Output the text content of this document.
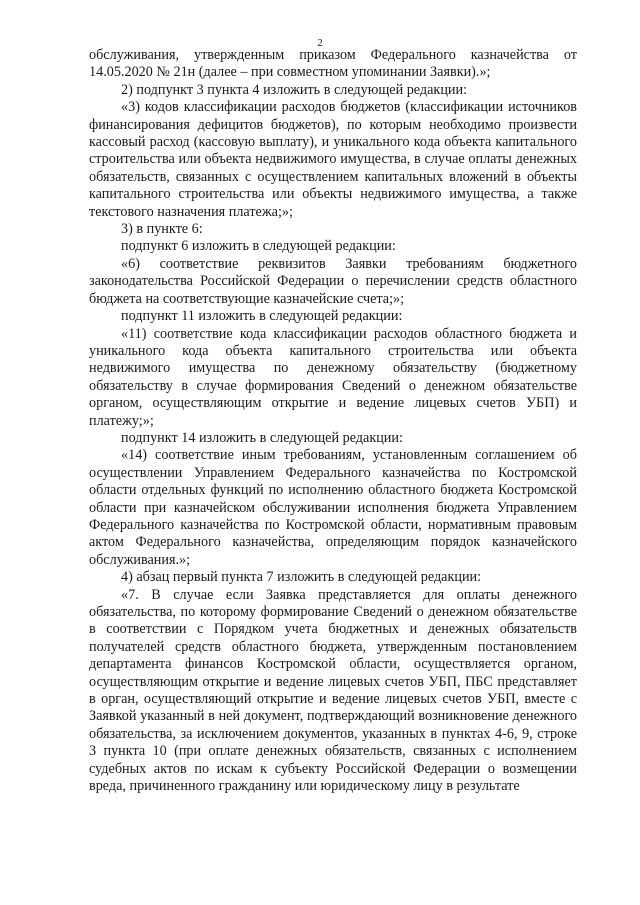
2

обслуживания, утвержденным приказом Федерального казначейства от 14.05.2020 № 21н (далее – при совместном упоминании Заявки).»;

2) подпункт 3 пункта 4 изложить в следующей редакции:

«3) кодов классификации расходов бюджетов (классификации источников финансирования дефицитов бюджетов), по которым необходимо произвести кассовый расход (кассовую выплату), и уникального кода объекта капитального строительства или объекта недвижимого имущества, в случае оплаты денежных обязательств, связанных с осуществлением капитальных вложений в объекты капитального строительства или объекты недвижимого имущества, а также текстового назначения платежа;»;

3) в пункте 6:

подпункт 6 изложить в следующей редакции:

«6) соответствие реквизитов Заявки требованиям бюджетного законодательства Российской Федерации о перечислении средств областного бюджета на соответствующие казначейские счета;»;

подпункт 11 изложить в следующей редакции:

«11) соответствие кода классификации расходов областного бюджета и уникального кода объекта капитального строительства или объекта недвижимого имущества по денежному обязательству (бюджетному обязательству в случае формирования Сведений о денежном обязательстве органом, осуществляющим открытие и ведение лицевых счетов УБП) и платежу;»;

подпункт 14 изложить в следующей редакции:

«14) соответствие иным требованиям, установленным соглашением об осуществлении Управлением Федерального казначейства по Костромской области отдельных функций по исполнению областного бюджета Костромской области при казначейском обслуживании исполнения бюджета Управлением Федерального казначейства по Костромской области, нормативным правовым актом Федерального казначейства, определяющим порядок казначейского обслуживания.»;

4) абзац первый пункта 7 изложить в следующей редакции:

«7. В случае если Заявка представляется для оплаты денежного обязательства, по которому формирование Сведений о денежном обязательстве в соответствии с Порядком учета бюджетных и денежных обязательств получателей средств областного бюджета, утвержденным постановлением департамента финансов Костромской области, осуществляется органом, осуществляющим открытие и ведение лицевых счетов УБП, ПБС представляет в орган, осуществляющий открытие и ведение лицевых счетов УБП, вместе с Заявкой указанный в ней документ, подтверждающий возникновение денежного обязательства, за исключением документов, указанных в пунктах 4-6, 9, строке 3 пункта 10 (при оплате денежных обязательств, связанных с исполнением судебных актов по искам к субъекту Российской Федерации о возмещении вреда, причиненного гражданину или юридическому лицу в результате
